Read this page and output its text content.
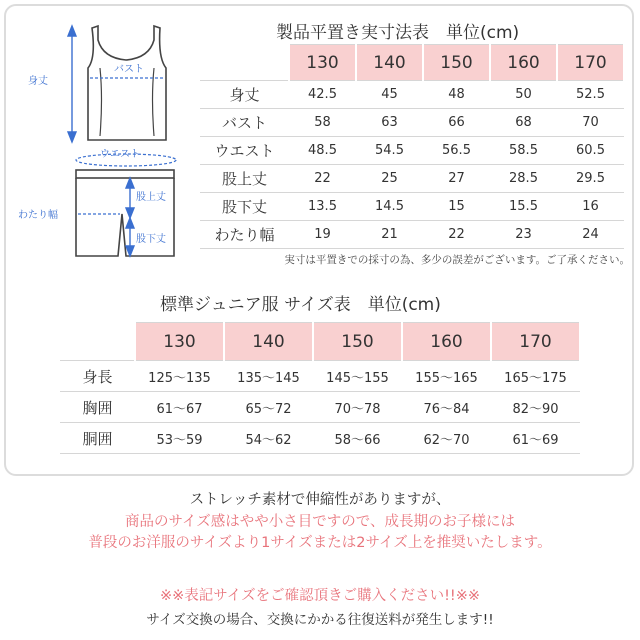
バスト
身丈
ウエスト
股上丈
股下丈
わたり幅
製品平置き実寸法表　単位(cm)
	130	140	150	160	170
身丈	42.5	45	48	50	52.5
バスト	58	63	66	68	70
ウエスト	48.5	54.5	56.5	58.5	60.5
股上丈	22	25	27	28.5	29.5
股下丈	13.5	14.5	15	15.5	16
わたり幅	19	21	22	23	24
実寸は平置きでの採寸の為、多少の誤差がございます。ご了承ください。
標準ジュニア服 サイズ表　単位(cm)
	130	140	150	160	170
身長	125〜135	135〜145	145〜155	155〜165	165〜175
胸囲	61〜67	65〜72	70〜78	76〜84	82〜90
胴囲	53〜59	54〜62	58〜66	62〜70	61〜69
ストレッチ素材で伸縮性がありますが、
商品のサイズ感はやや小さ目ですので、成長期のお子様には
普段のお洋服のサイズより1サイズまたは2サイズ上を推奨いたします。
※※表記サイズをご確認頂きご購入ください!!※※
サイズ交換の場合、交換にかかる往復送料が発生します!!
